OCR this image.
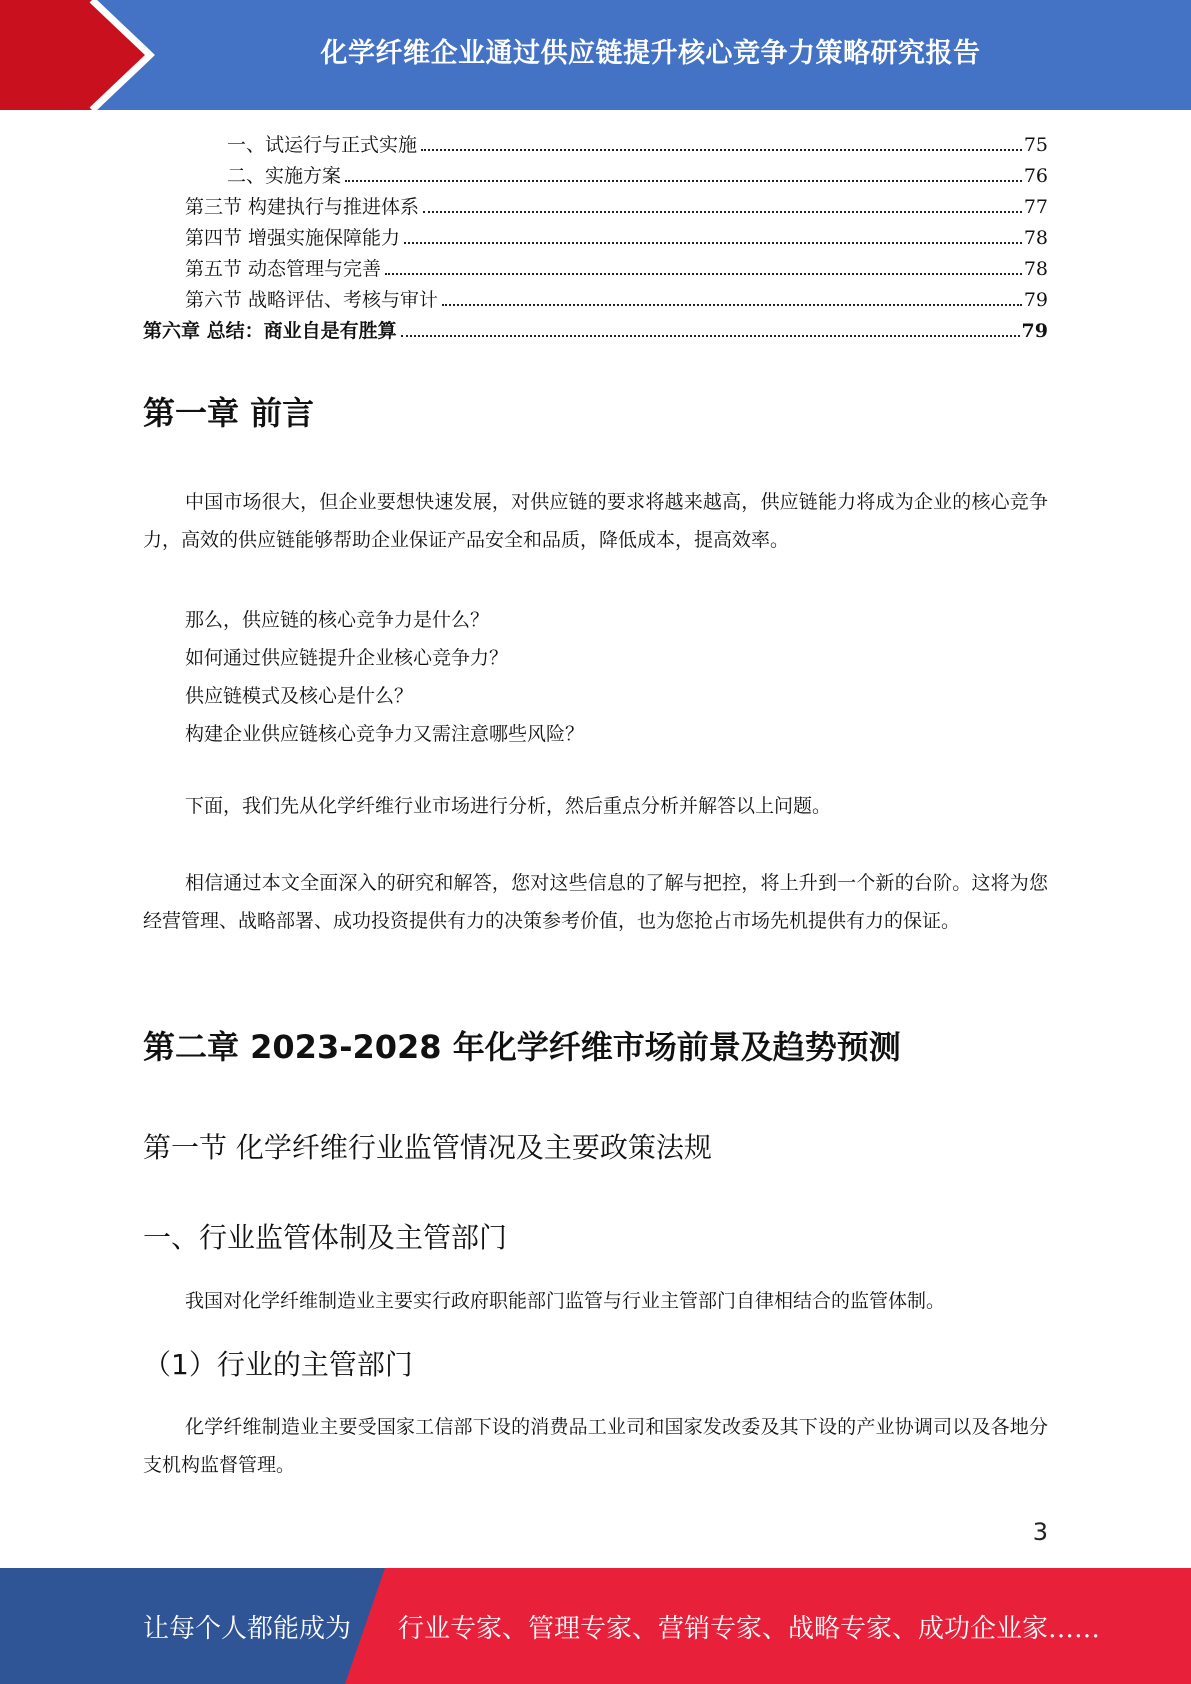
化学纤维企业通过供应链提升核心竞争力策略研究报告
一、试运行与正式实施	75
二、实施方案	76
第三节 构建执行与推进体系	77
第四节 增强实施保障能力	78
第五节 动态管理与完善	78
第六节 战略评估、考核与审计	79
第六章 总结：商业自是有胜算	79
第一章 前言

中国市场很大，但企业要想快速发展，对供应链的要求将越来越高，供应链能力将成为企业的核心竞争力，高效的供应链能够帮助企业保证产品安全和品质，降低成本，提高效率。

那么，供应链的核心竞争力是什么？

如何通过供应链提升企业核心竞争力？

供应链模式及核心是什么？

构建企业供应链核心竞争力又需注意哪些风险？

下面，我们先从化学纤维行业市场进行分析，然后重点分析并解答以上问题。

相信通过本文全面深入的研究和解答，您对这些信息的了解与把控，将上升到一个新的台阶。这将为您经营管理、战略部署、成功投资提供有力的决策参考价值，也为您抢占市场先机提供有力的保证。

第二章 2023-2028 年化学纤维市场前景及趋势预测
第一节 化学纤维行业监管情况及主要政策法规
一、行业监管体制及主管部门

我国对化学纤维制造业主要实行政府职能部门监管与行业主管部门自律相结合的监管体制。

（1）行业的主管部门

化学纤维制造业主要受国家工信部下设的消费品工业司和国家发改委及其下设的产业协调司以及各地分支机构监督管理。

3
让每个人都能成为 行业专家、管理专家、营销专家、战略专家、成功企业家……
